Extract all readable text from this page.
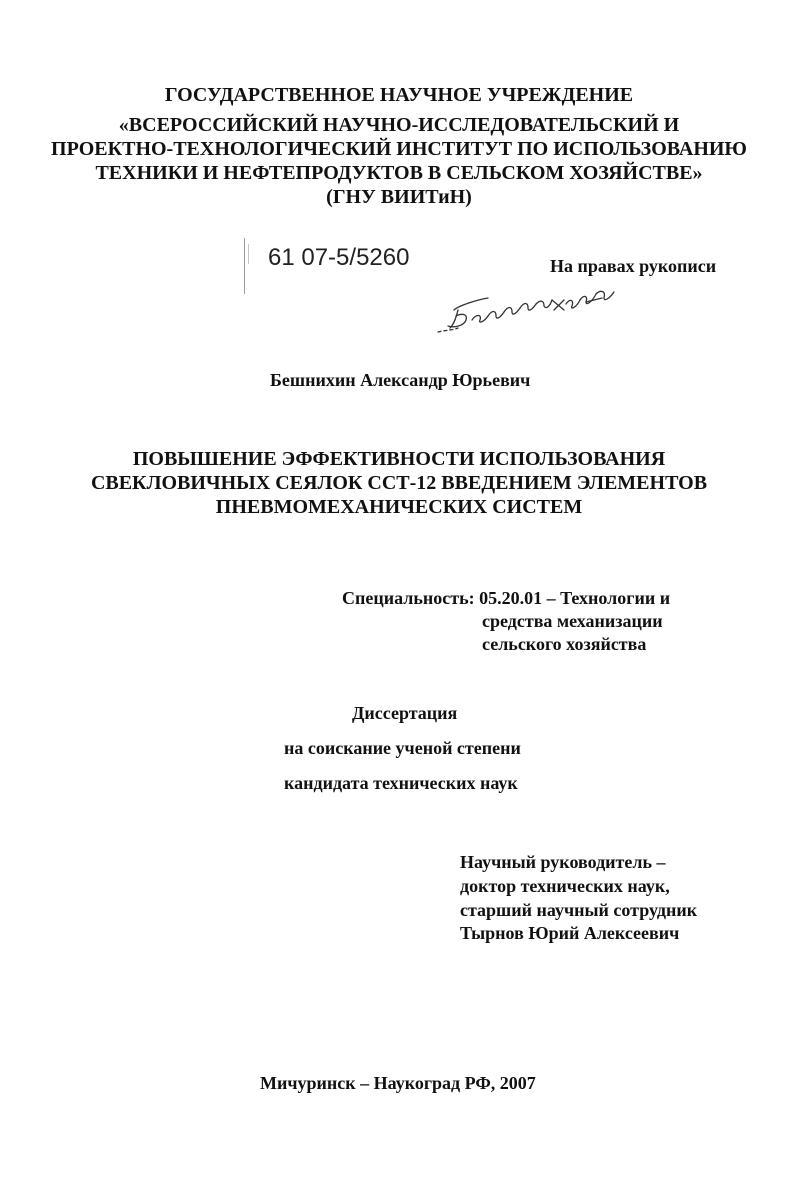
ГОСУДАРСТВЕННОЕ НАУЧНОЕ УЧРЕЖДЕНИЕ
«ВСЕРОССИЙСКИЙ НАУЧНО-ИССЛЕДОВАТЕЛЬСКИЙ И
ПРОЕКТНО-ТЕХНОЛОГИЧЕСКИЙ ИНСТИТУТ ПО ИСПОЛЬЗОВАНИЮ
ТЕХНИКИ И НЕФТЕПРОДУКТОВ В СЕЛЬСКОМ ХОЗЯЙСТВЕ»
(ГНУ ВИИТиН)
61 07-5/5260	На правах рукописи
Бешнихин Александр Юрьевич
ПОВЫШЕНИЕ ЭФФЕКТИВНОСТИ ИСПОЛЬЗОВАНИЯ
СВЕКЛОВИЧНЫХ СЕЯЛОК ССТ-12 ВВЕДЕНИЕМ ЭЛЕМЕНТОВ
ПНЕВМОМЕХАНИЧЕСКИХ СИСТЕМ
Специальность: 05.20.01 – Технологии и
средства механизации
сельского хозяйства
Диссертация
на соискание ученой степени
кандидата технических наук
Научный руководитель –
доктор технических наук,
старший научный сотрудник
Тырнов Юрий Алексеевич
Мичуринск – Наукоград РФ, 2007
